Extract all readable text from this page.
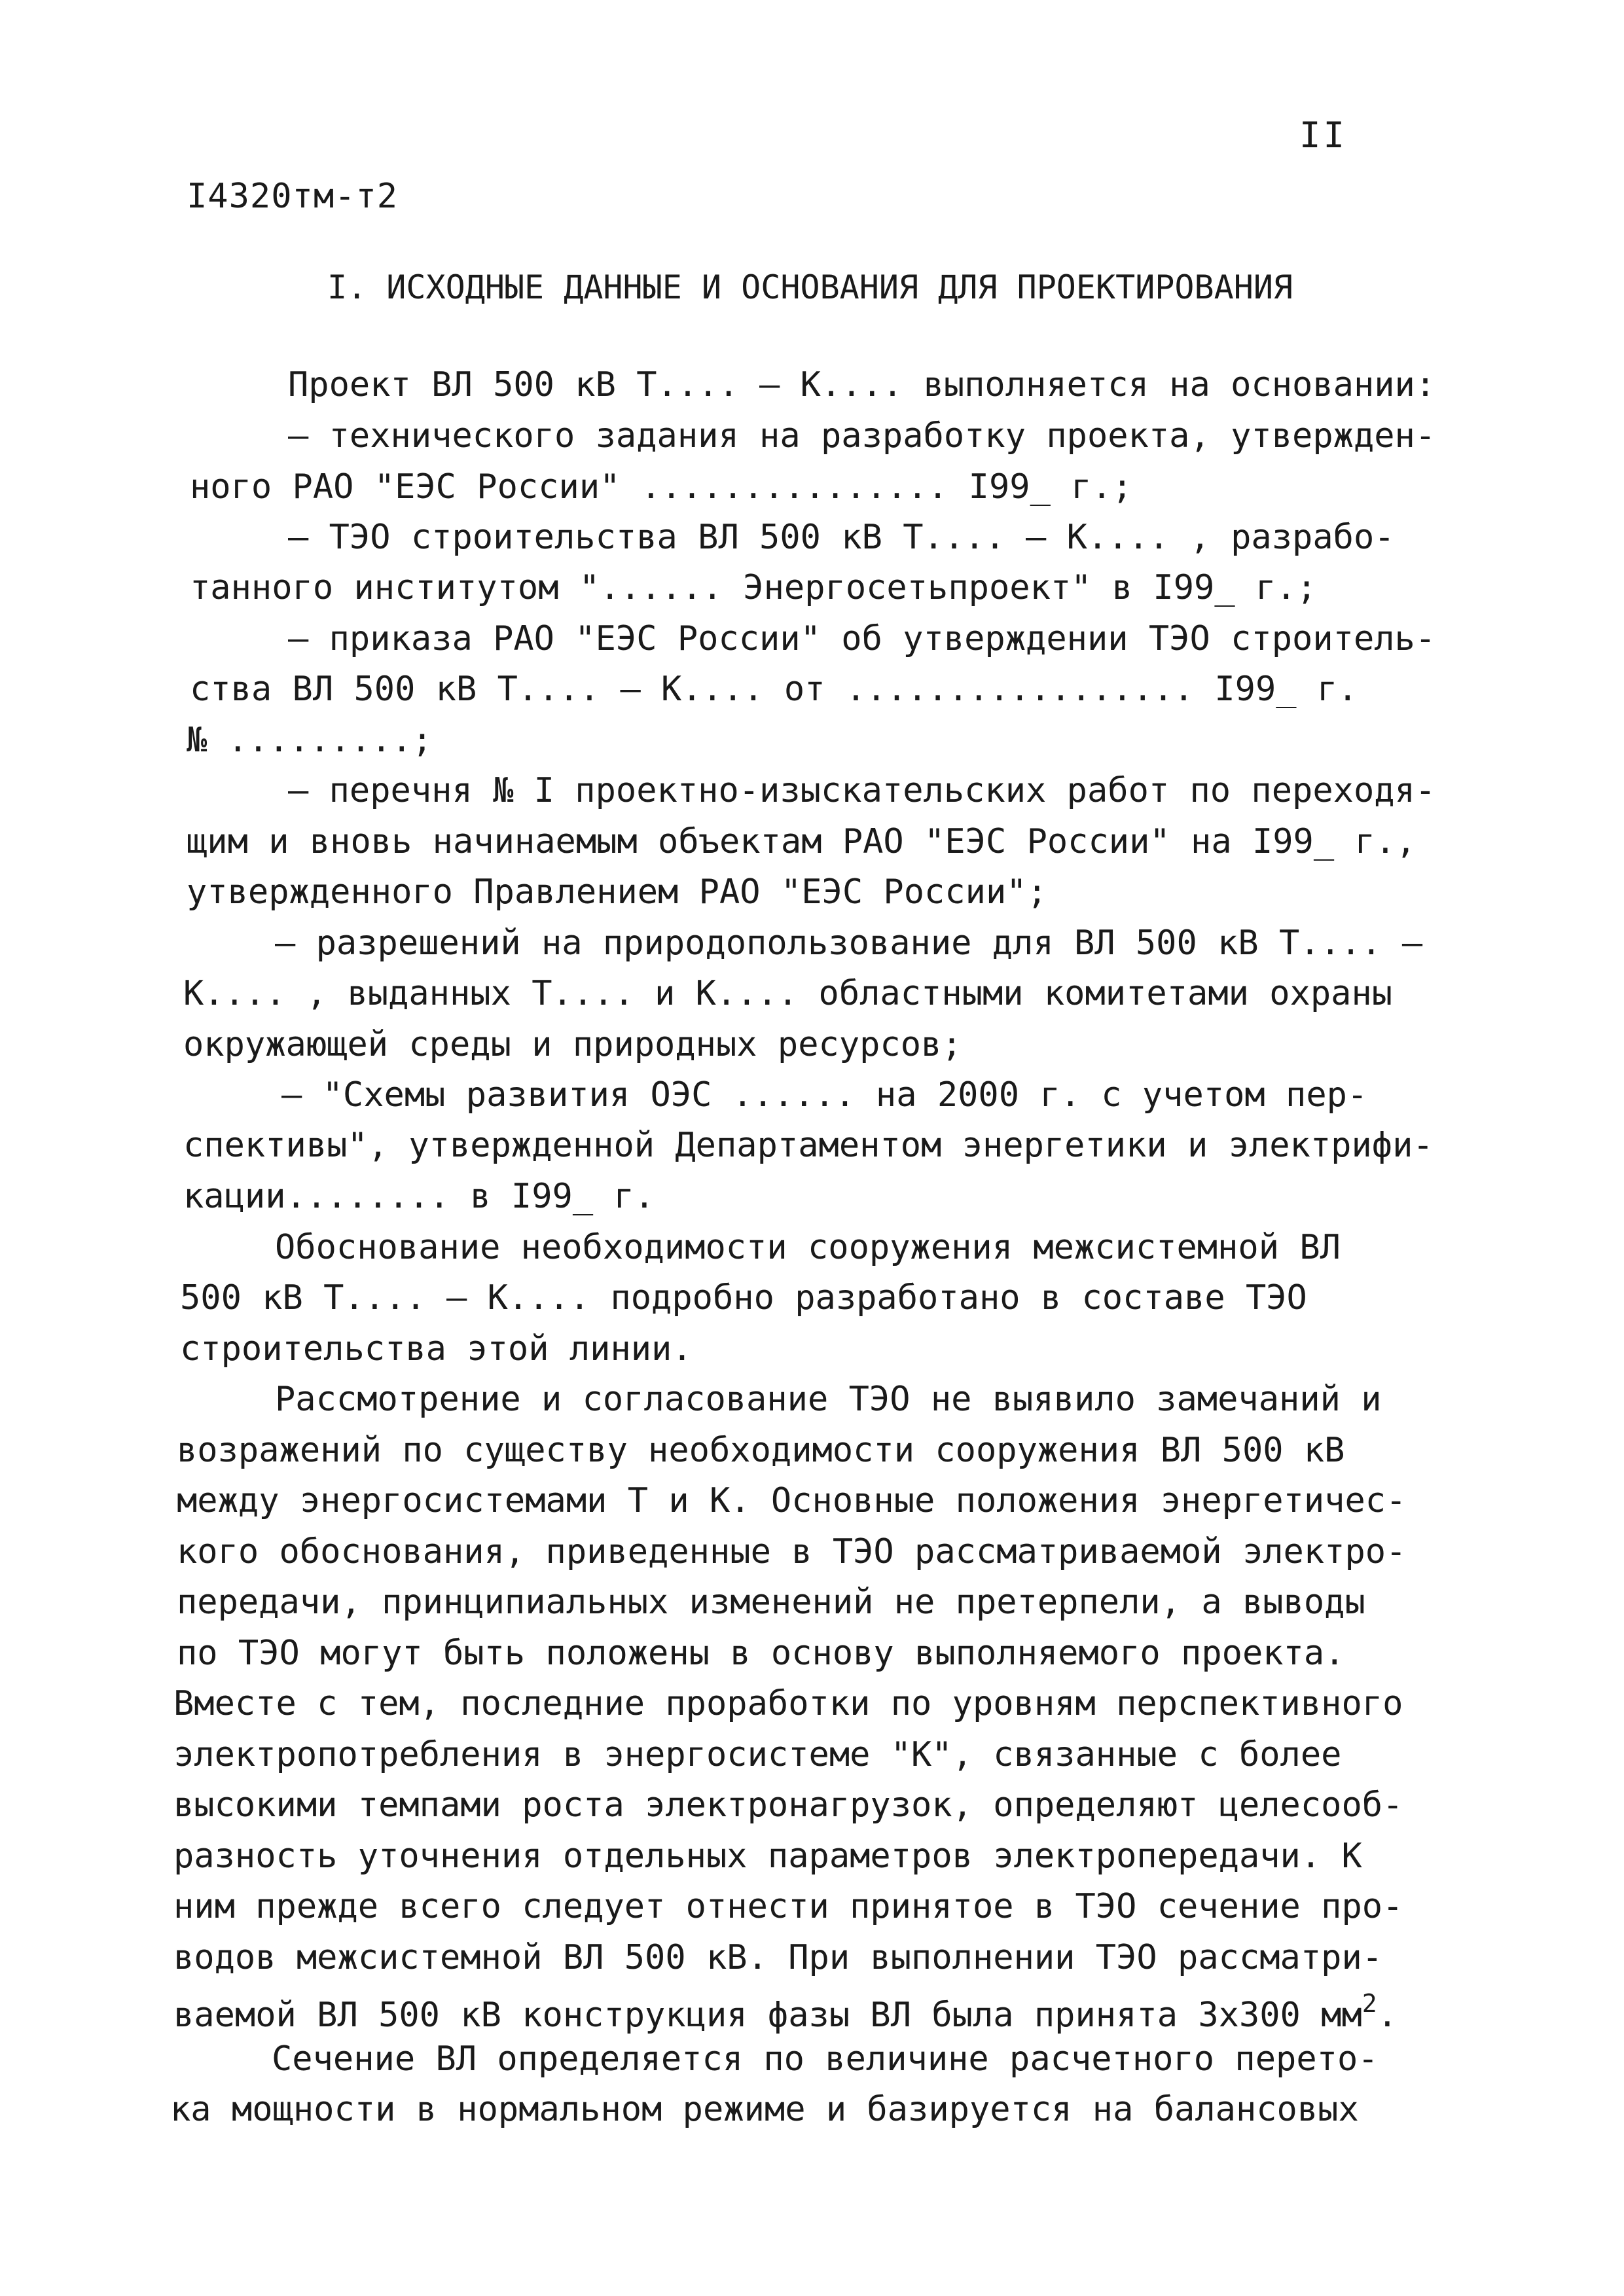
II
I4320тм-т2
I. ИСХОДНЫЕ ДАННЫЕ И ОСНОВАНИЯ ДЛЯ ПРОЕКТИРОВАНИЯ
Проект ВЛ 500 кВ Т.... – К.... выполняется на основании:
– технического задания на разработку проекта, утвержден-
ного РАО "ЕЭС России" ............... I99_ г.;
– ТЭО строительства ВЛ 500 кВ Т.... – К.... , разрабо-
танного институтом "...... Энергосетьпроект" в I99_ г.;
– приказа РАО "ЕЭС России" об утверждении ТЭО строитель-
ства ВЛ 500 кВ Т.... – К.... от ................. I99_ г.
№ .........;
– перечня № I проектно-изыскательских работ по переходя-
щим и вновь начинаемым объектам РАО "ЕЭС России" на I99_ г.,
утвержденного Правлением РАО "ЕЭС России";
– разрешений на природопользование для ВЛ 500 кВ Т.... –
К.... , выданных Т.... и К.... областными комитетами охраны
окружающей среды и природных ресурсов;
– "Схемы развития ОЭС ...... на 2000 г. с учетом пер-
спективы", утвержденной Департаментом энергетики и электрифи-
кации........ в I99_ г.
Обоснование необходимости сооружения межсистемной ВЛ
500 кВ Т.... – К.... подробно разработано в составе ТЭО
строительства этой линии.
Рассмотрение и согласование ТЭО не выявило замечаний и
возражений по существу необходимости сооружения ВЛ 500 кВ
между энергосистемами Т и К. Основные положения энергетичес-
кого обоснования, приведенные в ТЭО рассматриваемой электро-
передачи, принципиальных изменений не претерпели, а выводы
по ТЭО могут быть положены в основу выполняемого проекта.
Вместе с тем, последние проработки по уровням перспективного
электропотребления в энергосистеме "К", связанные с более
высокими темпами роста электронагрузок, определяют целесооб-
разность уточнения отдельных параметров электропередачи. К
ним прежде всего следует отнести принятое в ТЭО сечение про-
водов межсистемной ВЛ 500 кВ. При выполнении ТЭО рассматри-
ваемой ВЛ 500 кВ конструкция фазы ВЛ была принята 3х300 $мм^2$.
Сечение ВЛ определяется по величине расчетного перето-
ка мощности в нормальном режиме и базируется на балансовых
